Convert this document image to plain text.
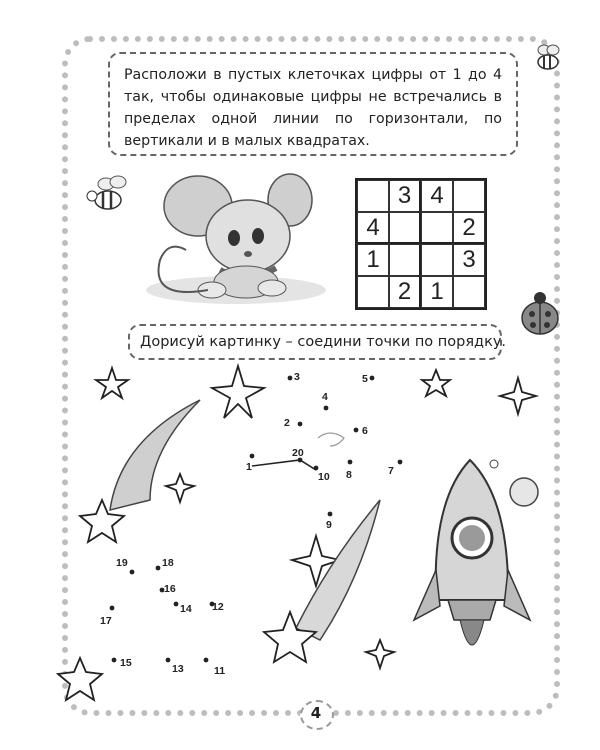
1
2
3
4
5
6
7
8
9
10
11
12
13
14
15
16
17
18
19
20
Расположи в пустых клеточках цифры от 1 до 4 так, чтобы одинаковые цифры не встречались в пределах одной линии по горизонтали, по вертикали и в малых квадратах.
3 4
4	2
1	3
2 1
Дорисуй картинку – соедини точки по порядку.
4
